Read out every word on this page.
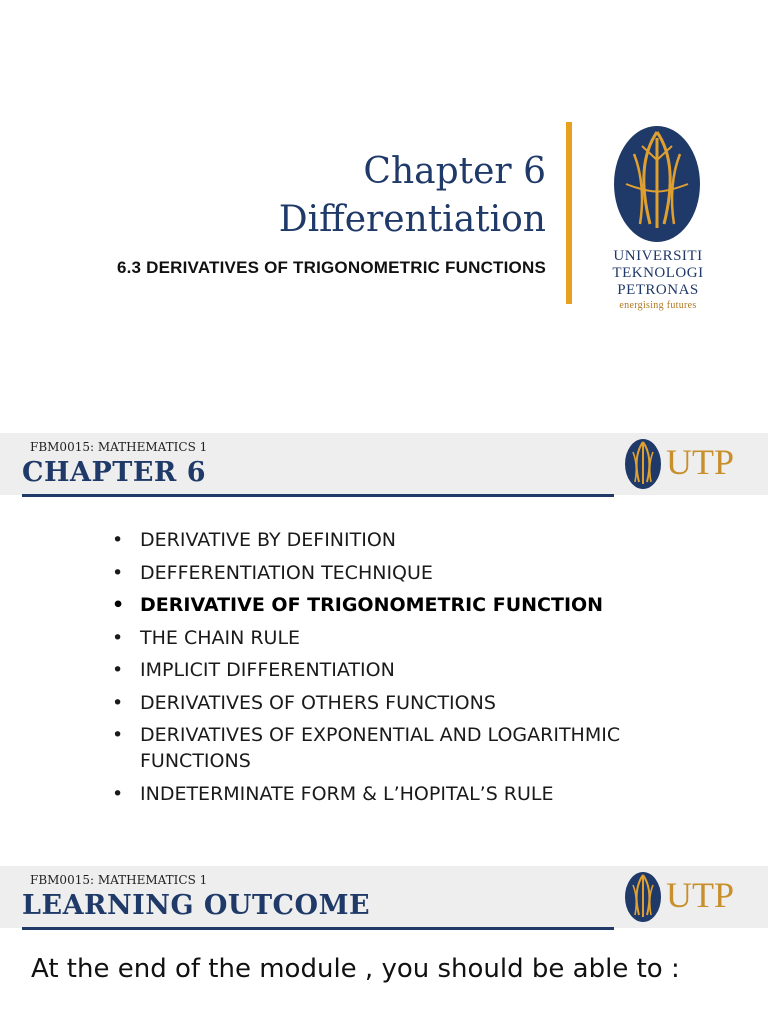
Chapter 6
Differentiation
6.3 DERIVATIVES OF TRIGONOMETRIC FUNCTIONS
UNIVERSITI
TEKNOLOGI
PETRONAS
energising futures
FBM0015: MATHEMATICS 1
CHAPTER 6	UTP
• DERIVATIVE BY DEFINITION
• DEFFERENTIATION TECHNIQUE
• DERIVATIVE OF TRIGONOMETRIC FUNCTION
• THE CHAIN RULE
• IMPLICIT DIFFERENTIATION
• DERIVATIVES OF OTHERS FUNCTIONS
• DERIVATIVES OF EXPONENTIAL AND LOGARITHMIC FUNCTIONS
• INDETERMINATE FORM & L’HOPITAL’S RULE
FBM0015: MATHEMATICS 1
LEARNING OUTCOME	UTP
At the end of the module , you should be able to :
